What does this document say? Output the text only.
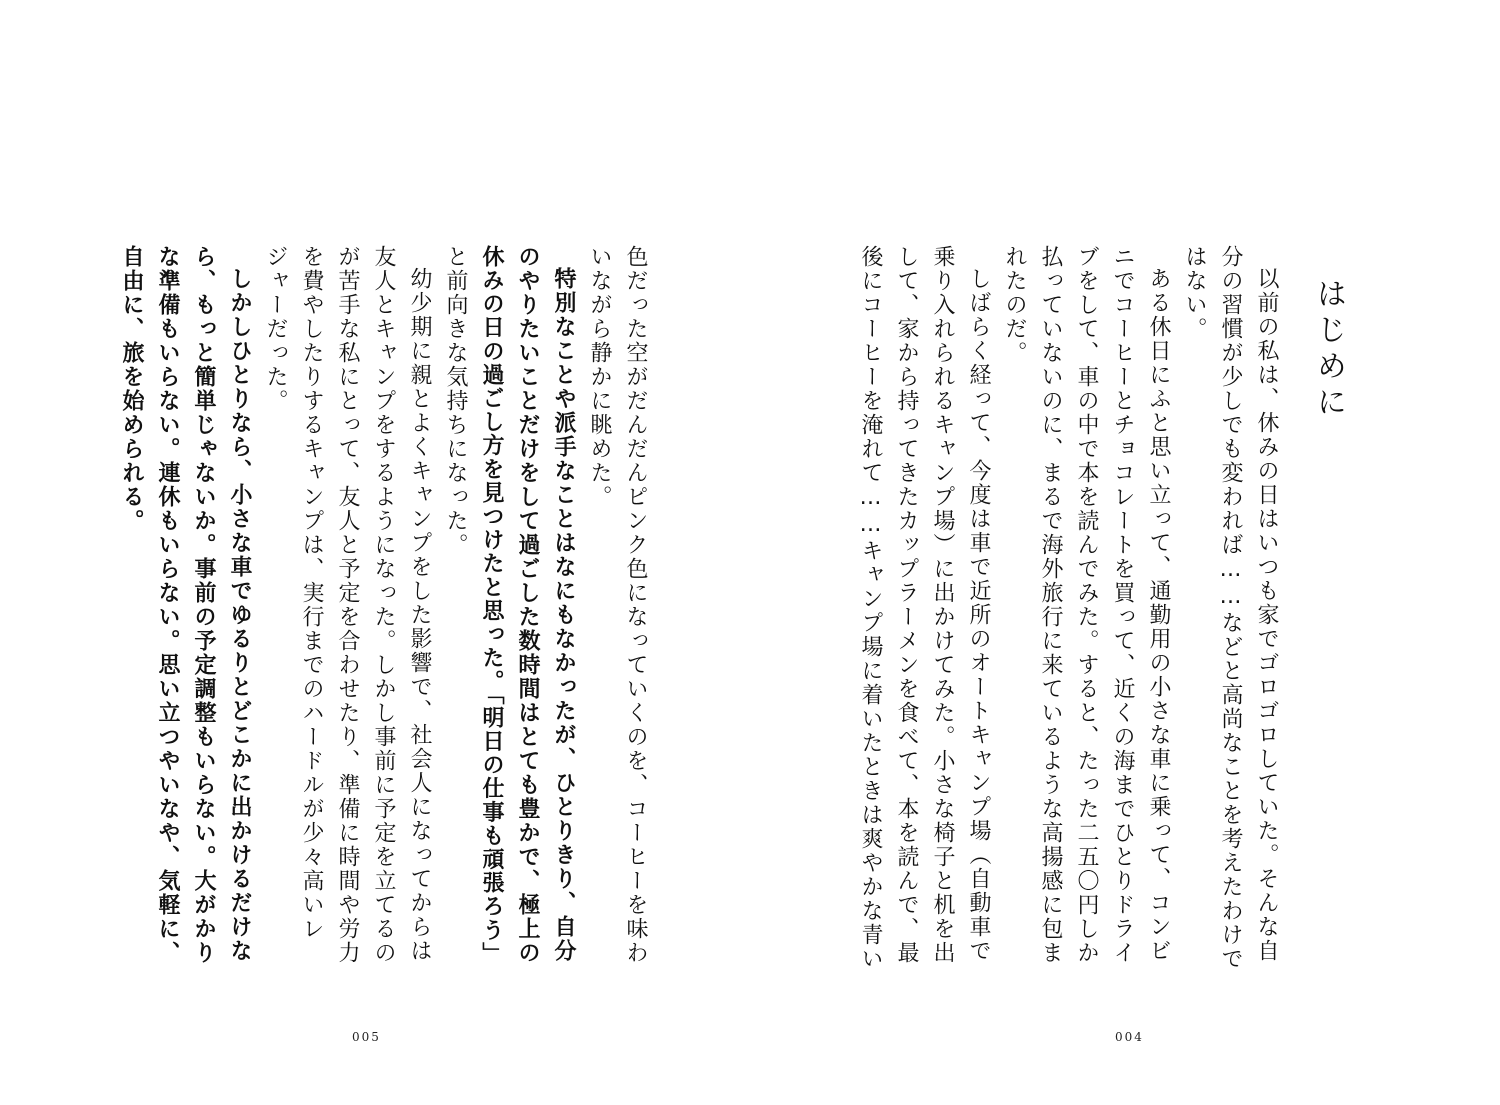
色だった空がだんだんピンク色になっていくのを、コーヒーを味わ

いながら静かに眺めた。

特別なことや派手なことはなにもなかったが、ひとりきり、自分

のやりたいことだけをして過ごした数時間はとても豊かで、極上の

休みの日の過ごし方を見つけたと思った。「明日の仕事も頑張ろう」

と前向きな気持ちになった。

幼少期に親とよくキャンプをした影響で、社会人になってからは

友人とキャンプをするようになった。しかし事前に予定を立てるの

が苦手な私にとって、友人と予定を合わせたり、準備に時間や労力

を費やしたりするキャンプは、実行までのハードルが少々高いレ

ジャーだった。

しかしひとりなら、小さな車でゆるりとどこかに出かけるだけな

ら、もっと簡単じゃないか。事前の予定調整もいらない。大がかり

な準備もいらない。連休もいらない。思い立つやいなや、気軽に、

自由に、旅を始められる。

005
はじめに
004

以前の私は、休みの日はいつも家でゴロゴロしていた。そんな自

分の習慣が少しでも変われば……などと高尚なことを考えたわけで

はない。

ある休日にふと思い立って、通勤用の小さな車に乗って、コンビ

ニでコーヒーとチョコレートを買って、近くの海までひとりドライ

ブをして、車の中で本を読んでみた。すると、たった二五〇円しか

払っていないのに、まるで海外旅行に来ているような高揚感に包ま

れたのだ。

しばらく経って、今度は車で近所のオートキャンプ場（自動車で

乗り入れられるキャンプ場）に出かけてみた。小さな椅子と机を出

して、家から持ってきたカップラーメンを食べて、本を読んで、最

後にコーヒーを淹れて……キャンプ場に着いたときは爽やかな青い
